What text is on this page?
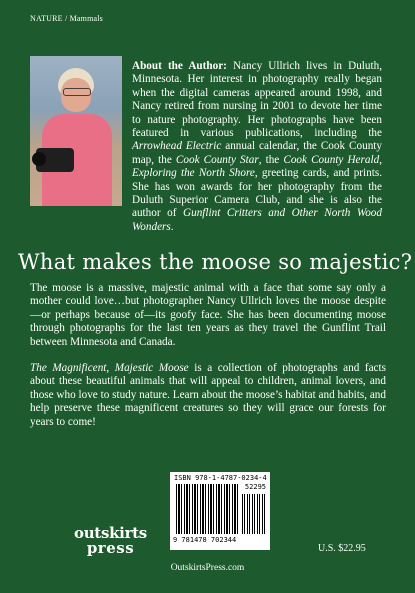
NATURE / Mammals
About the Author: Nancy Ullrich lives in Duluth, Minnesota. Her interest in photography really began when the digital cameras appeared around 1998, and Nancy retired from nursing in 2001 to devote her time to nature photography. Her photographs have been featured in various publications, including the Arrowhead Electric annual calendar, the Cook County map, the Cook County Star, the Cook County Herald, Exploring the North Shore, greeting cards, and prints. She has won awards for her photography from the Duluth Superior Camera Club, and she is also the author of Gunflint Critters and Other North Wood Wonders.
What makes the moose so majestic?
The moose is a massive, majestic animal with a face that some say only a mother could love…but photographer Nancy Ullrich loves the moose despite—or perhaps because of—its goofy face. She has been documenting moose through photographs for the last ten years as they travel the Gunflint Trail between Minnesota and Canada.
The Magnificent, Majestic Moose is a collection of photographs and facts about these beautiful animals that will appeal to children, animal lovers, and those who love to study nature. Learn about the moose’s habitat and habits, and help preserve these magnificent creatures so they will grace our forests for years to come!
ISBN 978-1-4787-0234-4
52295
9 781478 702344
outskirts
press	U.S. $22.95
OutskirtsPress.com
